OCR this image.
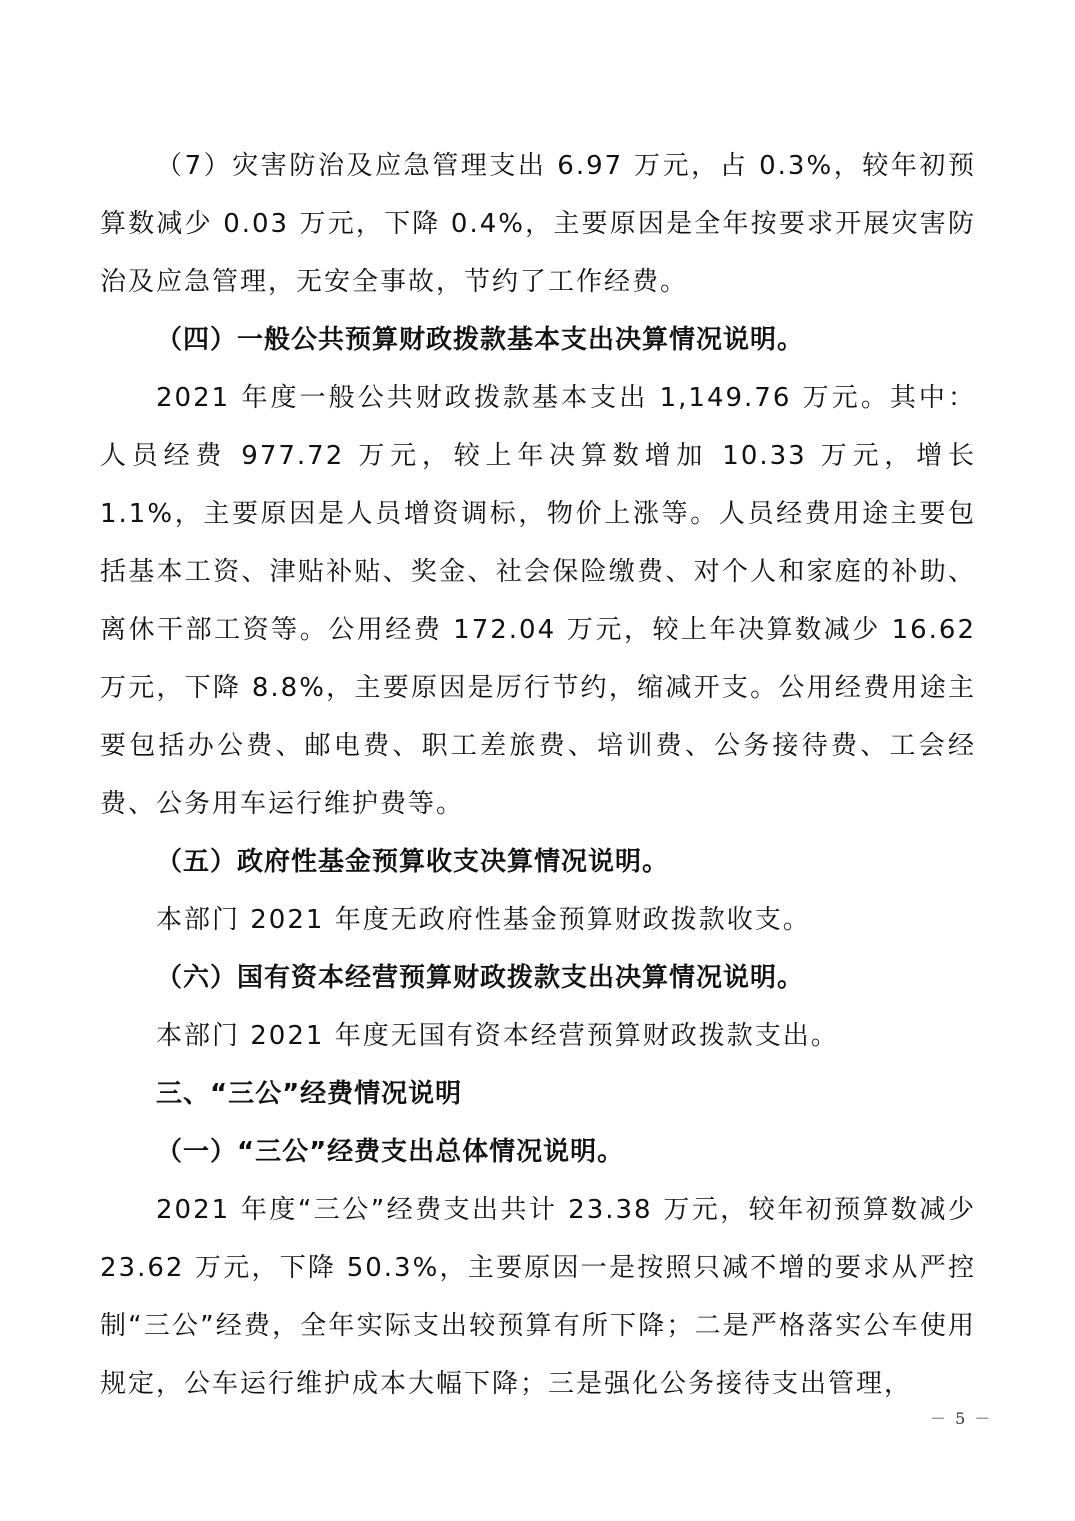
（7）灾害防治及应急管理支出 6.97 万元，占 0.3%，较年初预算数减少 0.03 万元，下降 0.4%，主要原因是全年按要求开展灾害防治及应急管理，无安全事故，节约了工作经费。

（四）一般公共预算财政拨款基本支出决算情况说明。

2021 年度一般公共财政拨款基本支出 1,149.76 万元。其中：人员经费 977.72 万元，较上年决算数增加 10.33 万元，增长 1.1%，主要原因是人员增资调标，物价上涨等。人员经费用途主要包括基本工资、津贴补贴、奖金、社会保险缴费、对个人和家庭的补助、离休干部工资等。公用经费 172.04 万元，较上年决算数减少 16.62 万元，下降 8.8%，主要原因是厉行节约，缩减开支。公用经费用途主要包括办公费、邮电费、职工差旅费、培训费、公务接待费、工会经费、公务用车运行维护费等。

（五）政府性基金预算收支决算情况说明。

本部门 2021 年度无政府性基金预算财政拨款收支。

（六）国有资本经营预算财政拨款支出决算情况说明。

本部门 2021 年度无国有资本经营预算财政拨款支出。

三、“三公”经费情况说明

（一）“三公”经费支出总体情况说明。

2021 年度“三公”经费支出共计 23.38 万元，较年初预算数减少 23.62 万元，下降 50.3%，主要原因一是按照只减不增的要求从严控制“三公”经费，全年实际支出较预算有所下降；二是严格落实公车使用规定，公车运行维护成本大幅下降；三是强化公务接待支出管理，

－ 5 －
